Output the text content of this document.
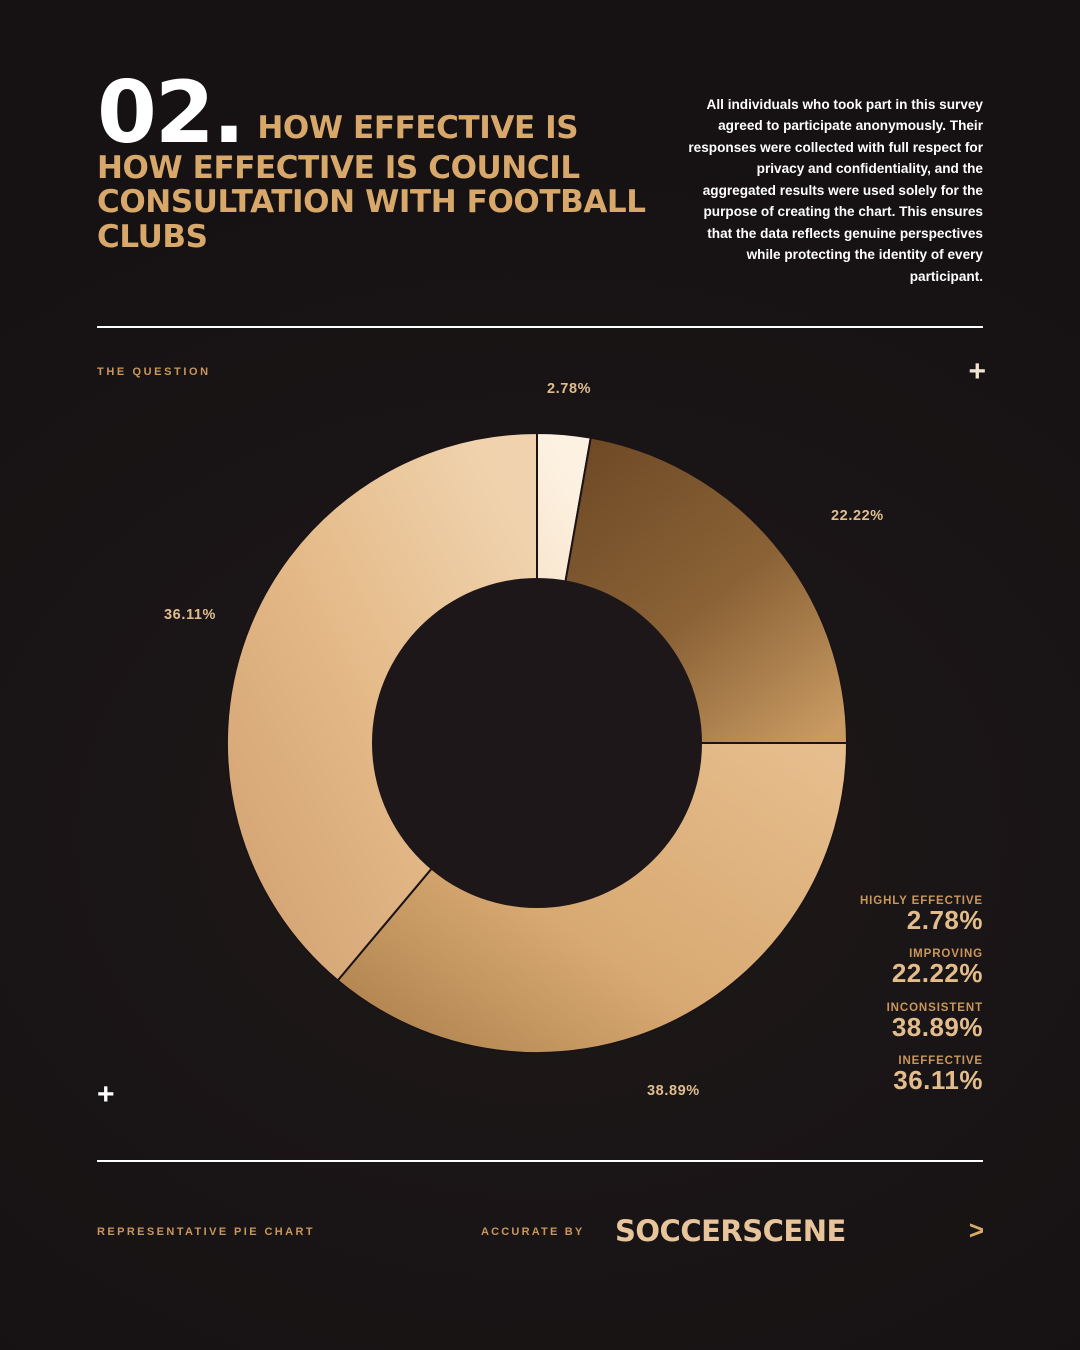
02. HOW EFFECTIVE IS
HOW EFFECTIVE IS COUNCIL CONSULTATION WITH FOOTBALL CLUBS
All individuals who took part in this survey agreed to participate anonymously. Their responses were collected with full respect for privacy and confidentiality, and the aggregated results were used solely for the purpose of creating the chart. This ensures that the data reflects genuine perspectives while protecting the identity of every participant.
THE QUESTION	+
+
2.78%
22.22%
38.89%
36.11%
HIGHLY EFFECTIVE
2.78%
IMPROVING
22.22%
INCONSISTENT
38.89%
INEFFECTIVE
36.11%
REPRESENTATIVE PIE CHART	ACCURATE BY SOCCERSCENE	>
